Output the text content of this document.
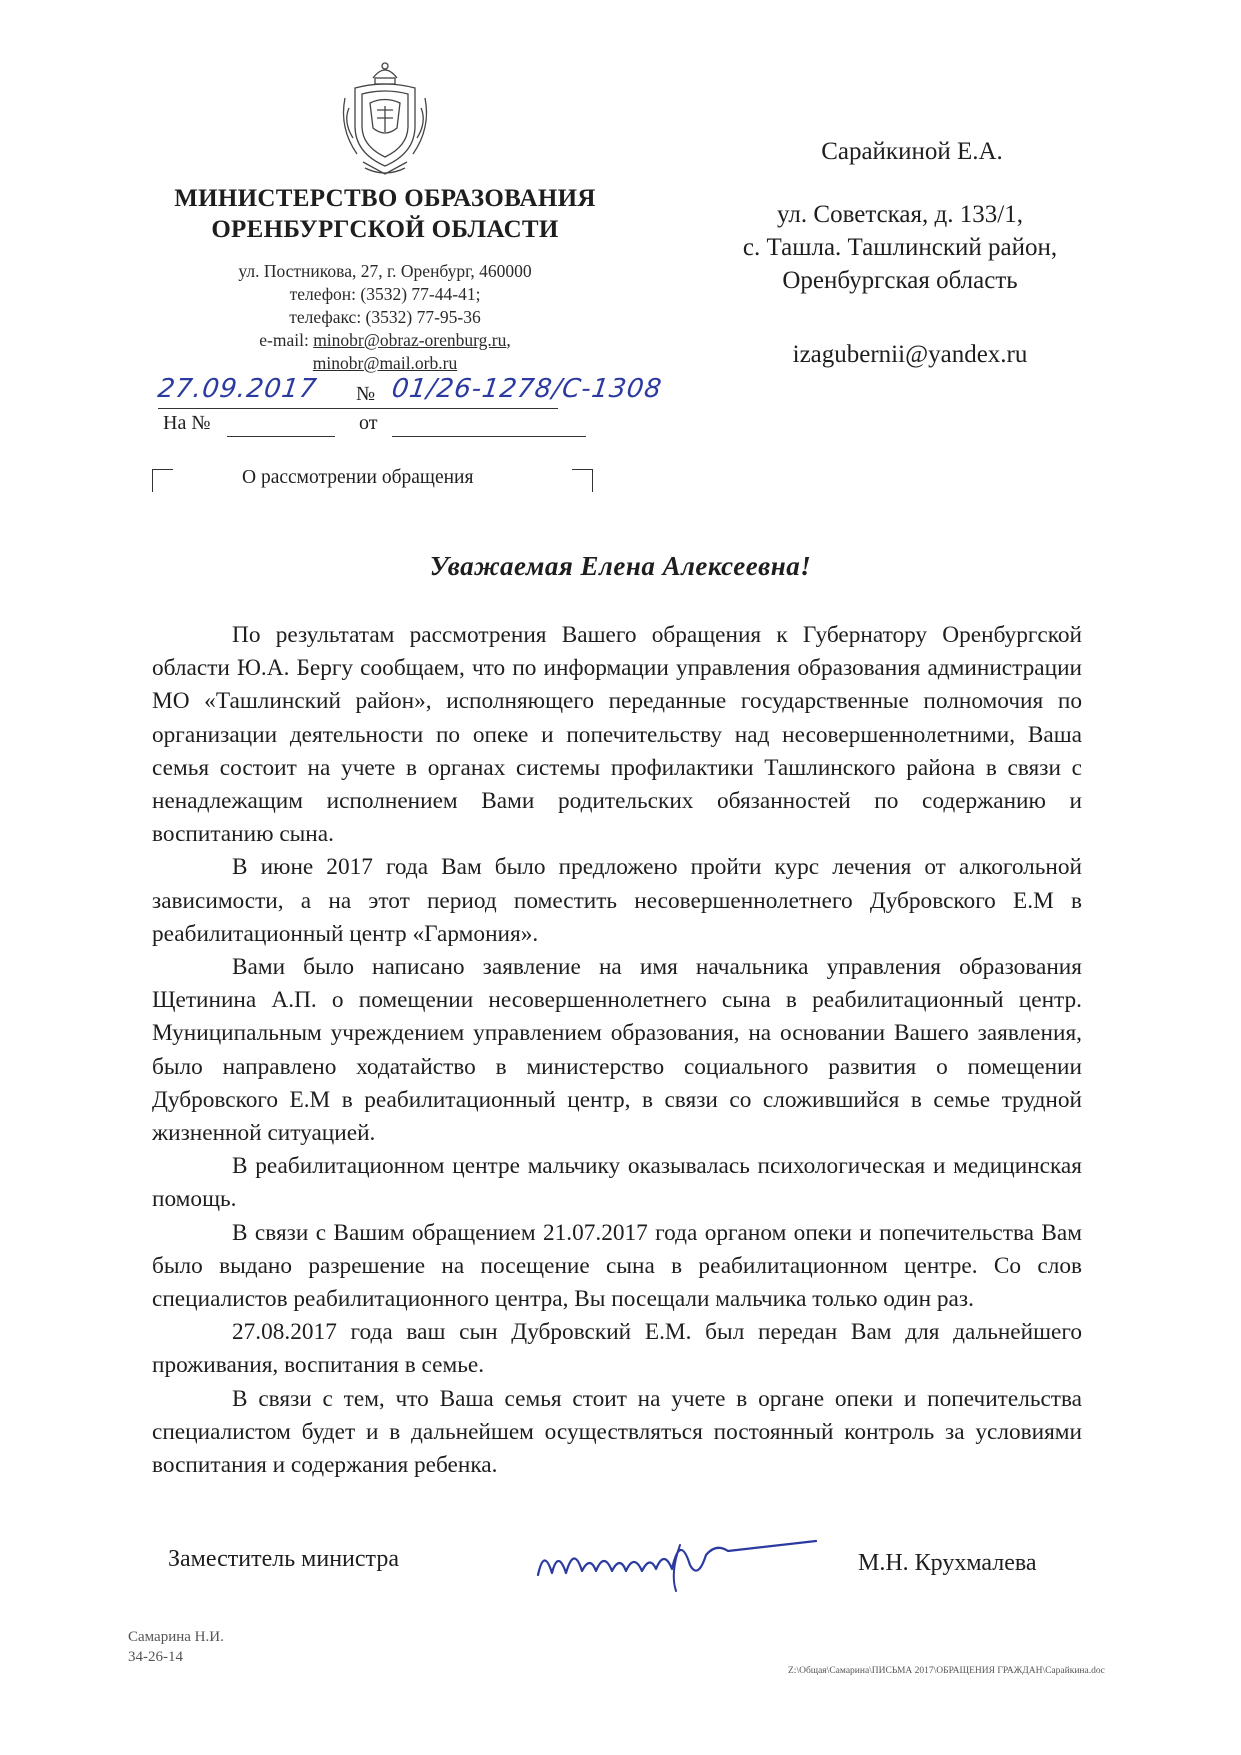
МИНИСТЕРСТВО ОБРАЗОВАНИЯ
ОРЕНБУРГСКОЙ ОБЛАСТИ
ул. Постникова, 27, г. Оренбург, 460000
телефон: (3532) 77-44-41;
телефакс: (3532) 77-95-36
e-mail: minobr@obraz-orenburg.ru,
minobr@mail.orb.ru
27.09.2017 № 01/26-1278/С-1308
На №	от
О рассмотрении обращения
Сарайкиной Е.А.
ул. Советская, д. 133/1,
с. Ташла. Ташлинский район,
Оренбургская область
izagubernii@yandex.ru
Уважаемая Елена Алексеевна!

По результатам рассмотрения Вашего обращения к Губернатору Оренбургской области Ю.А. Бергу сообщаем, что по информации управления образования администрации МО «Ташлинский район», исполняющего переданные государственные полномочия по организации деятельности по опеке и попечительству над несовершеннолетними, Ваша семья состоит на учете в органах системы профилактики Ташлинского района в связи с ненадлежащим исполнением Вами родительских обязанностей по содержанию и воспитанию сына.

В июне 2017 года Вам было предложено пройти курс лечения от алкогольной зависимости, а на этот период поместить несовершеннолетнего Дубровского Е.М в реабилитационный центр «Гармония».

Вами было написано заявление на имя начальника управления образования Щетинина А.П. о помещении несовершеннолетнего сына в реабилитационный центр. Муниципальным учреждением управлением образования, на основании Вашего заявления, было направлено ходатайство в министерство социального развития о помещении Дубровского Е.М в реабилитационный центр, в связи со сложившийся в семье трудной жизненной ситуацией.

В реабилитационном центре мальчику оказывалась психологическая и медицинская помощь.

В связи с Вашим обращением 21.07.2017 года органом опеки и попечительства Вам было выдано разрешение на посещение сына в реабилитационном центре. Со слов специалистов реабилитационного центра, Вы посещали мальчика только один раз.

27.08.2017 года ваш сын Дубровский Е.М. был передан Вам для дальнейшего проживания, воспитания в семье.

В связи с тем, что Ваша семья стоит на учете в органе опеки и попечительства специалистом будет и в дальнейшем осуществляться постоянный контроль за условиями воспитания и содержания ребенка.

Заместитель министра	М.Н. Крухмалева
Самарина Н.И.
34-26-14
Z:\Общая\Самарина\ПИСЬМА 2017\ОБРАЩЕНИЯ ГРАЖДАН\Сарайкина.doc
